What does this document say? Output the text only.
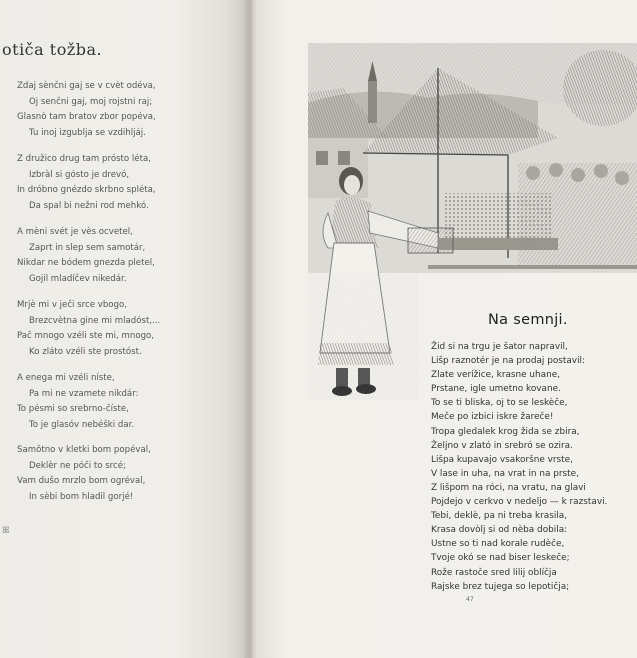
otiča tožba.
Zdaj sènčni gaj se v cvèt odéva,
Oj senčni gaj, moj rojstni raj;
Glasnò tam bratov zbor popéva,
Tu inoj izgublja se vzdihljáj.
Z družico drug tam prósto léta,
Izbràl si gósto je drevó,
In dróbno gnézdo skrbno spléta,
Da spal bi nežni rod mehkó.
A mèni svét je vès ocvetel,
Zaprt in slep sem samotár,
Nikdar ne bódem gnezda pletel,
Gojil mladíčev nikedár.
Mrjè mi v ječi srce vbogo,
Brezcvètna gine mi mladóst,...
Pač mnogo vzéli ste mi, mnogo,
Ko zláto vzéli ste prostóst.
A enega mi vzéli níste,
Pa mi ne vzamete nikdár:
To pésmi so srebrno-číste,
To je glasóv nebéški dar.
Samôtno v kletki bom popéval,
Deklèr ne póči to srcé;
Vam dušo mrzlo bom ogréval,
In sèbi bom hladil gorjé!
ꕤ
Na semnji.
Žid si na trgu je šator napravil,
Lišp raznotér je na prodaj postavil:
Zlate verížice, krasne uhane,
Prstane, igle umetno kovane.
To se ti bliska, oj to se leskèče,
Meče po izbici iskre žareče!
Tropa gledalek krog žida se zbira,
Željno v zlató in srebró se ozira.
Lišpa kupavajo vsakoršne vrste,
V lase in uha, na vrat in na prste,
Z lišpom na róci, na vratu, na glavi
Pojdejo v cerkvo v nedeljo — k razstavi.
Tebi, deklè, pa ni treba krasila,
Krasa dovòlj si od nèba dobila:
Ustne so ti nad korale rudèče,
Tvoje okó se nad biser leskeče;
Rože rastoče sred lilij oblíčja
Rajske brez tujega so lepotičja;
47
